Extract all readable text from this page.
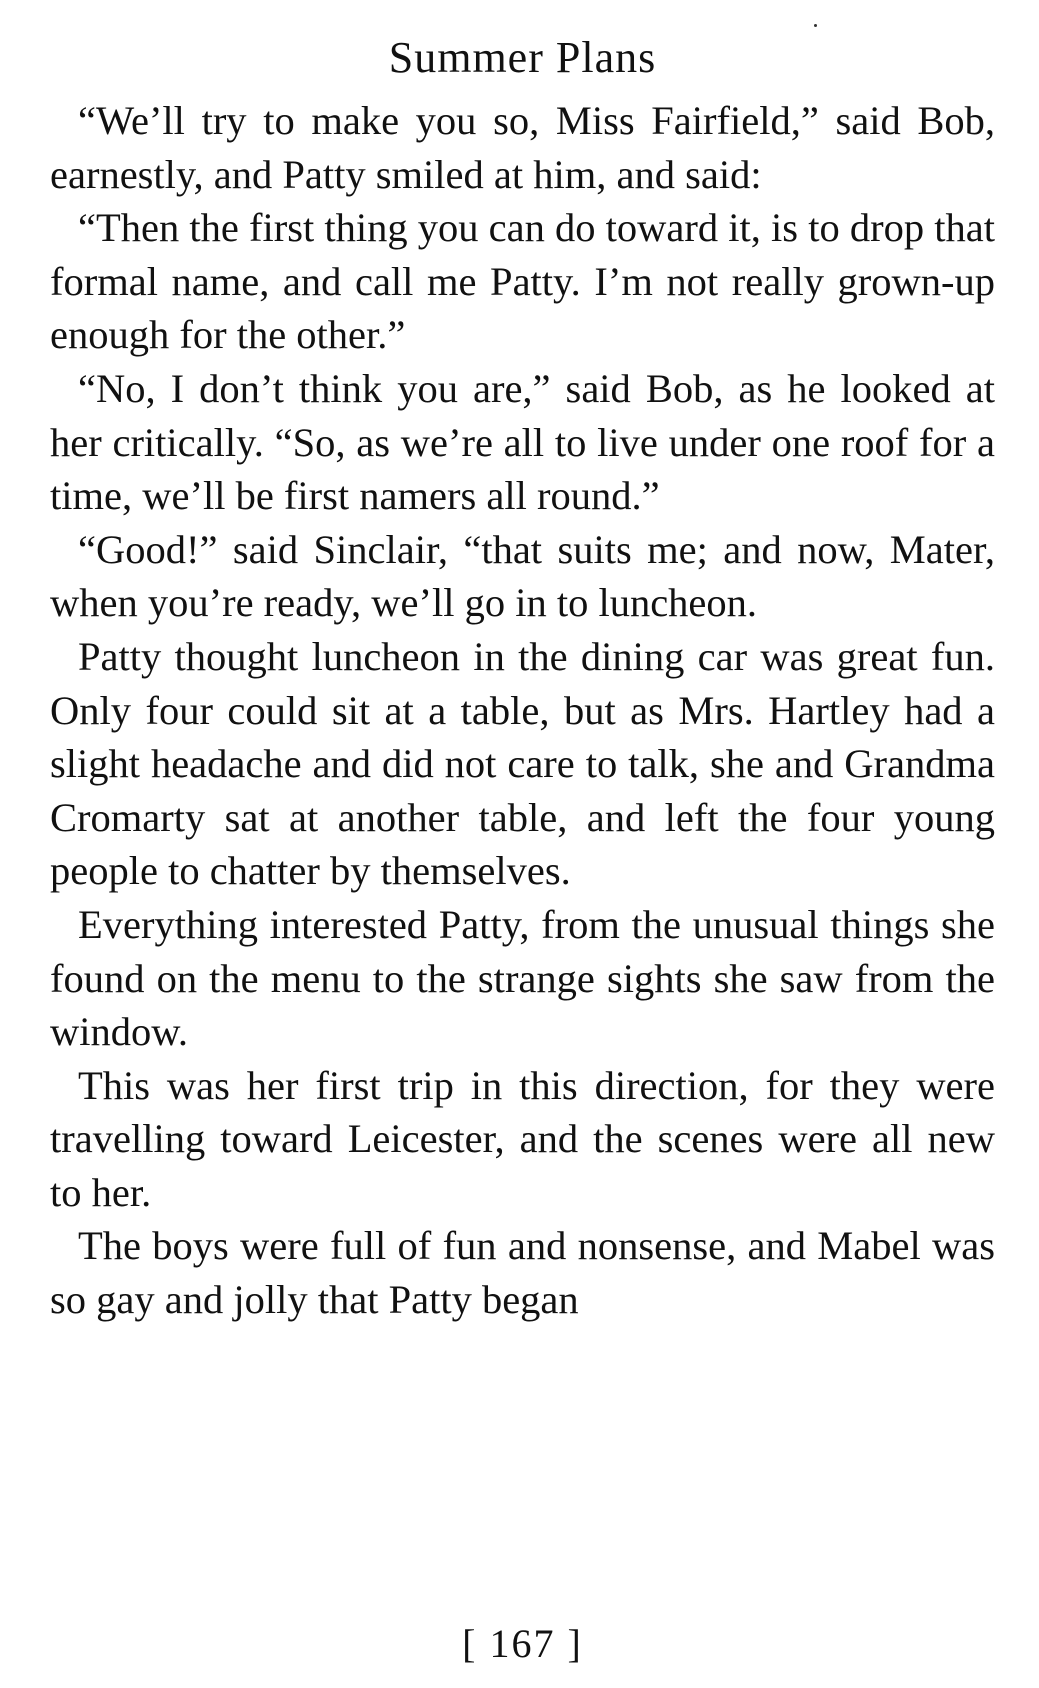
Summer Plans

“We’ll try to make you so, Miss Fairfield,” said Bob, earnestly, and Patty smiled at him, and said:

“Then the first thing you can do toward it, is to drop that formal name, and call me Patty. I’m not really grown-up enough for the other.”

“No, I don’t think you are,” said Bob, as he looked at her critically. “So, as we’re all to live under one roof for a time, we’ll be first namers all round.”

“Good!” said Sinclair, “that suits me; and now, Mater, when you’re ready, we’ll go in to luncheon.

Patty thought luncheon in the dining car was great fun. Only four could sit at a table, but as Mrs. Hartley had a slight headache and did not care to talk, she and Grandma Cromarty sat at another table, and left the four young people to chatter by themselves.

Everything interested Patty, from the unusual things she found on the menu to the strange sights she saw from the window.

This was her first trip in this direction, for they were travelling toward Leicester, and the scenes were all new to her.

The boys were full of fun and nonsense, and Mabel was so gay and jolly that Patty began

[ 167 ]
